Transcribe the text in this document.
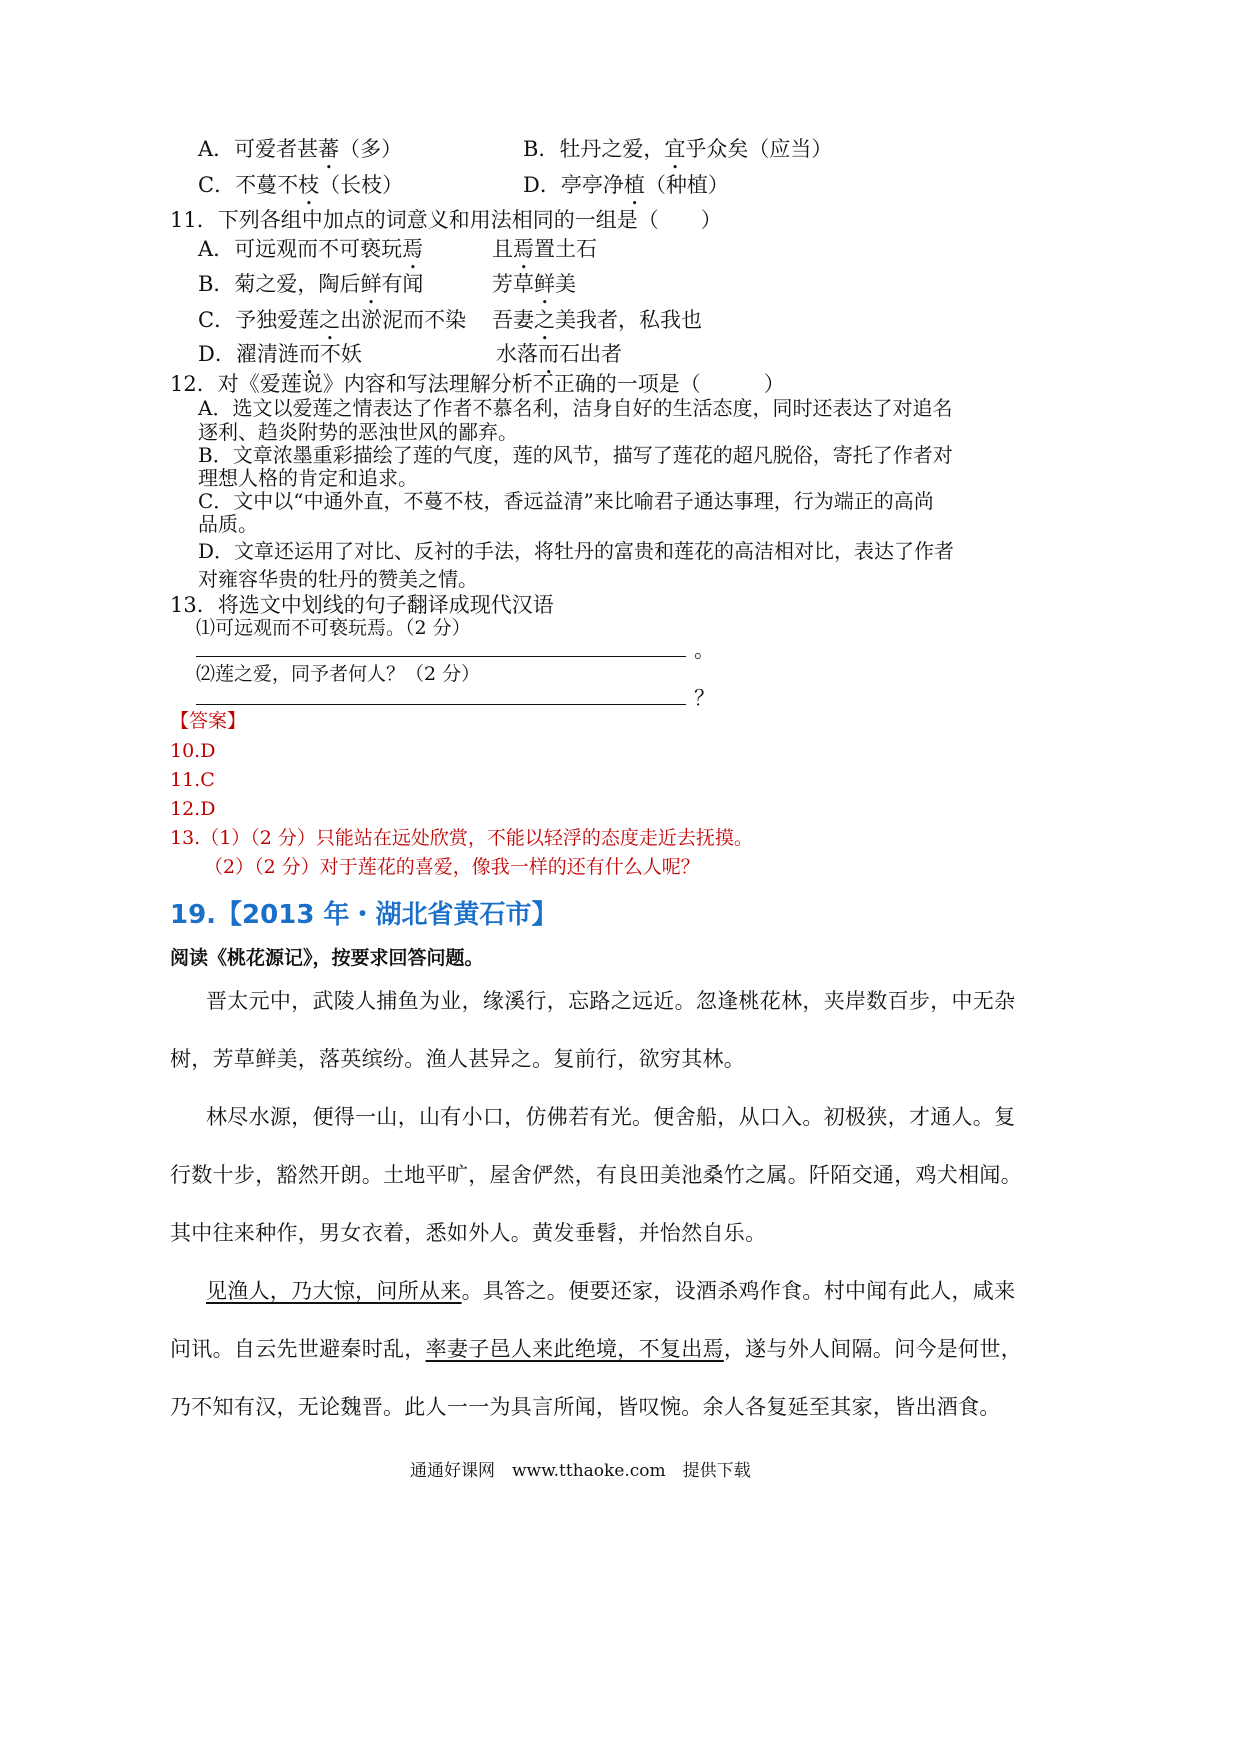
A．可爱者甚蕃（多）	B．牡丹之爱，宜乎众矣（应当）
C．不蔓不枝（长枝）	D．亭亭净植（种植）
11．下列各组中加点的词意义和用法相同的一组是（　　）
A．可远观而不可亵玩焉	且焉置土石
B．菊之爱，陶后鲜有闻	芳草鲜美
C．予独爱莲之出淤泥而不染 吾妻之美我者，私我也
D．濯清涟而不妖	水落而石出者
12．对《爱莲说》内容和写法理解分析不正确的一项是（　　　）
A．选文以爱莲之情表达了作者不慕名利，洁身自好的生活态度，同时还表达了对追名
逐利、趋炎附势的恶浊世风的鄙弃。
B．文章浓墨重彩描绘了莲的气度，莲的风节，描写了莲花的超凡脱俗，寄托了作者对
理想人格的肯定和追求。
C．文中以“中通外直，不蔓不枝，香远益清”来比喻君子通达事理，行为端正的高尚
品质。
D．文章还运用了对比、反衬的手法，将牡丹的富贵和莲花的高洁相对比，表达了作者
对雍容华贵的牡丹的赞美之情。
13．将选文中划线的句子翻译成现代汉语
⑴可远观而不可亵玩焉。（2 分）
。
⑵莲之爱，同予者何人？（2 分）
？
【答案】
10.D
11.C
12.D
13.（1）（2 分）只能站在远处欣赏，不能以轻浮的态度走近去抚摸。
（2）（2 分）对于莲花的喜爱，像我一样的还有什么人呢？
19.【2013 年・湖北省黄石市】
阅读《桃花源记》，按要求回答问题。
晋太元中，武陵人捕鱼为业，缘溪行，忘路之远近。忽逢桃花林，夹岸数百步，中无杂
树，芳草鲜美，落英缤纷。渔人甚异之。复前行，欲穷其林。
林尽水源，便得一山，山有小口，仿佛若有光。便舍船，从口入。初极狭，才通人。复
行数十步，豁然开朗。土地平旷，屋舍俨然，有良田美池桑竹之属。阡陌交通，鸡犬相闻。
其中往来种作，男女衣着，悉如外人。黄发垂髫，并怡然自乐。
见渔人，乃大惊，问所从来。具答之。便要还家，设酒杀鸡作食。村中闻有此人，咸来
问讯。自云先世避秦时乱，率妻子邑人来此绝境，不复出焉，遂与外人间隔。问今是何世，
乃不知有汉，无论魏晋。此人一一为具言所闻，皆叹惋。余人各复延至其家，皆出酒食。
通通好课网　www.tthaoke.com　提供下载
